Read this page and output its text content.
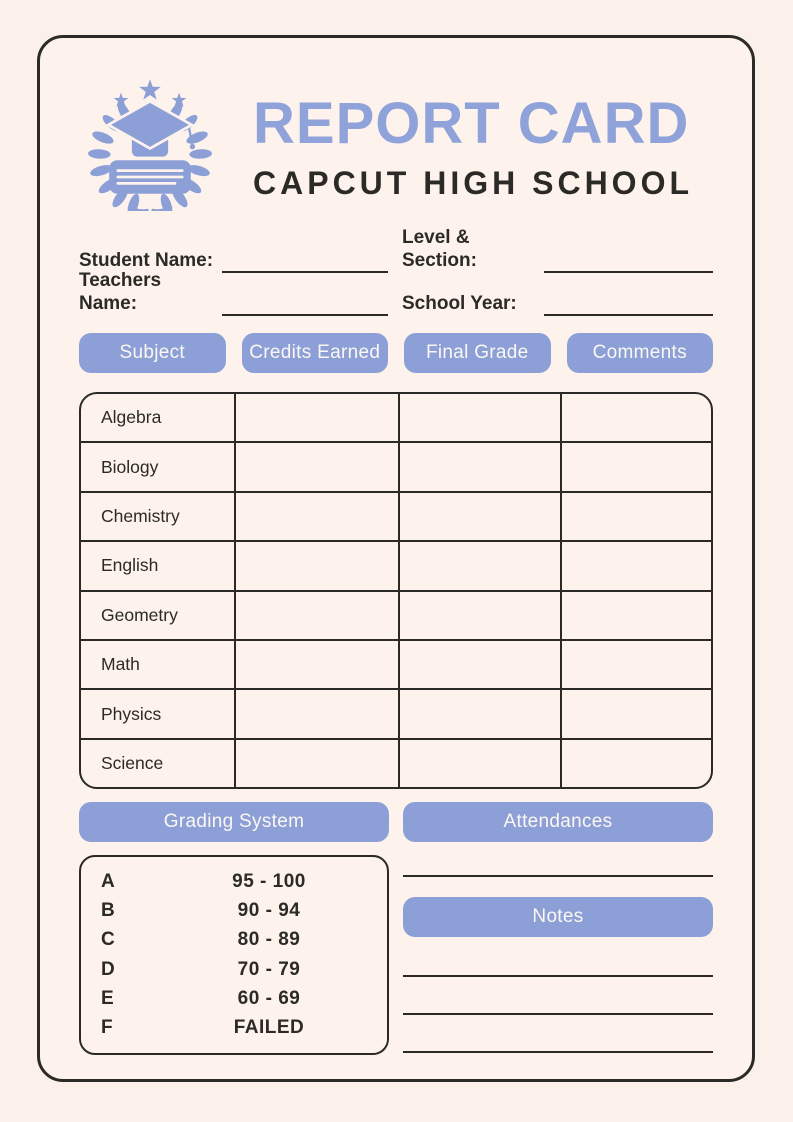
REPORT CARD
CAPCUT HIGH SCHOOL
Student Name:
Level & Section:
Teachers Name:	School Year:
Subject	Credits Earned	Final Grade	Comments
Algebra
Biology
Chemistry
English
Geometry
Math
Physics
Science
Grading System
A	95 - 100
B	90 - 94
C	80 - 89
D	70 - 79
E	60 - 69
F	FAILED
Attendances
Notes
